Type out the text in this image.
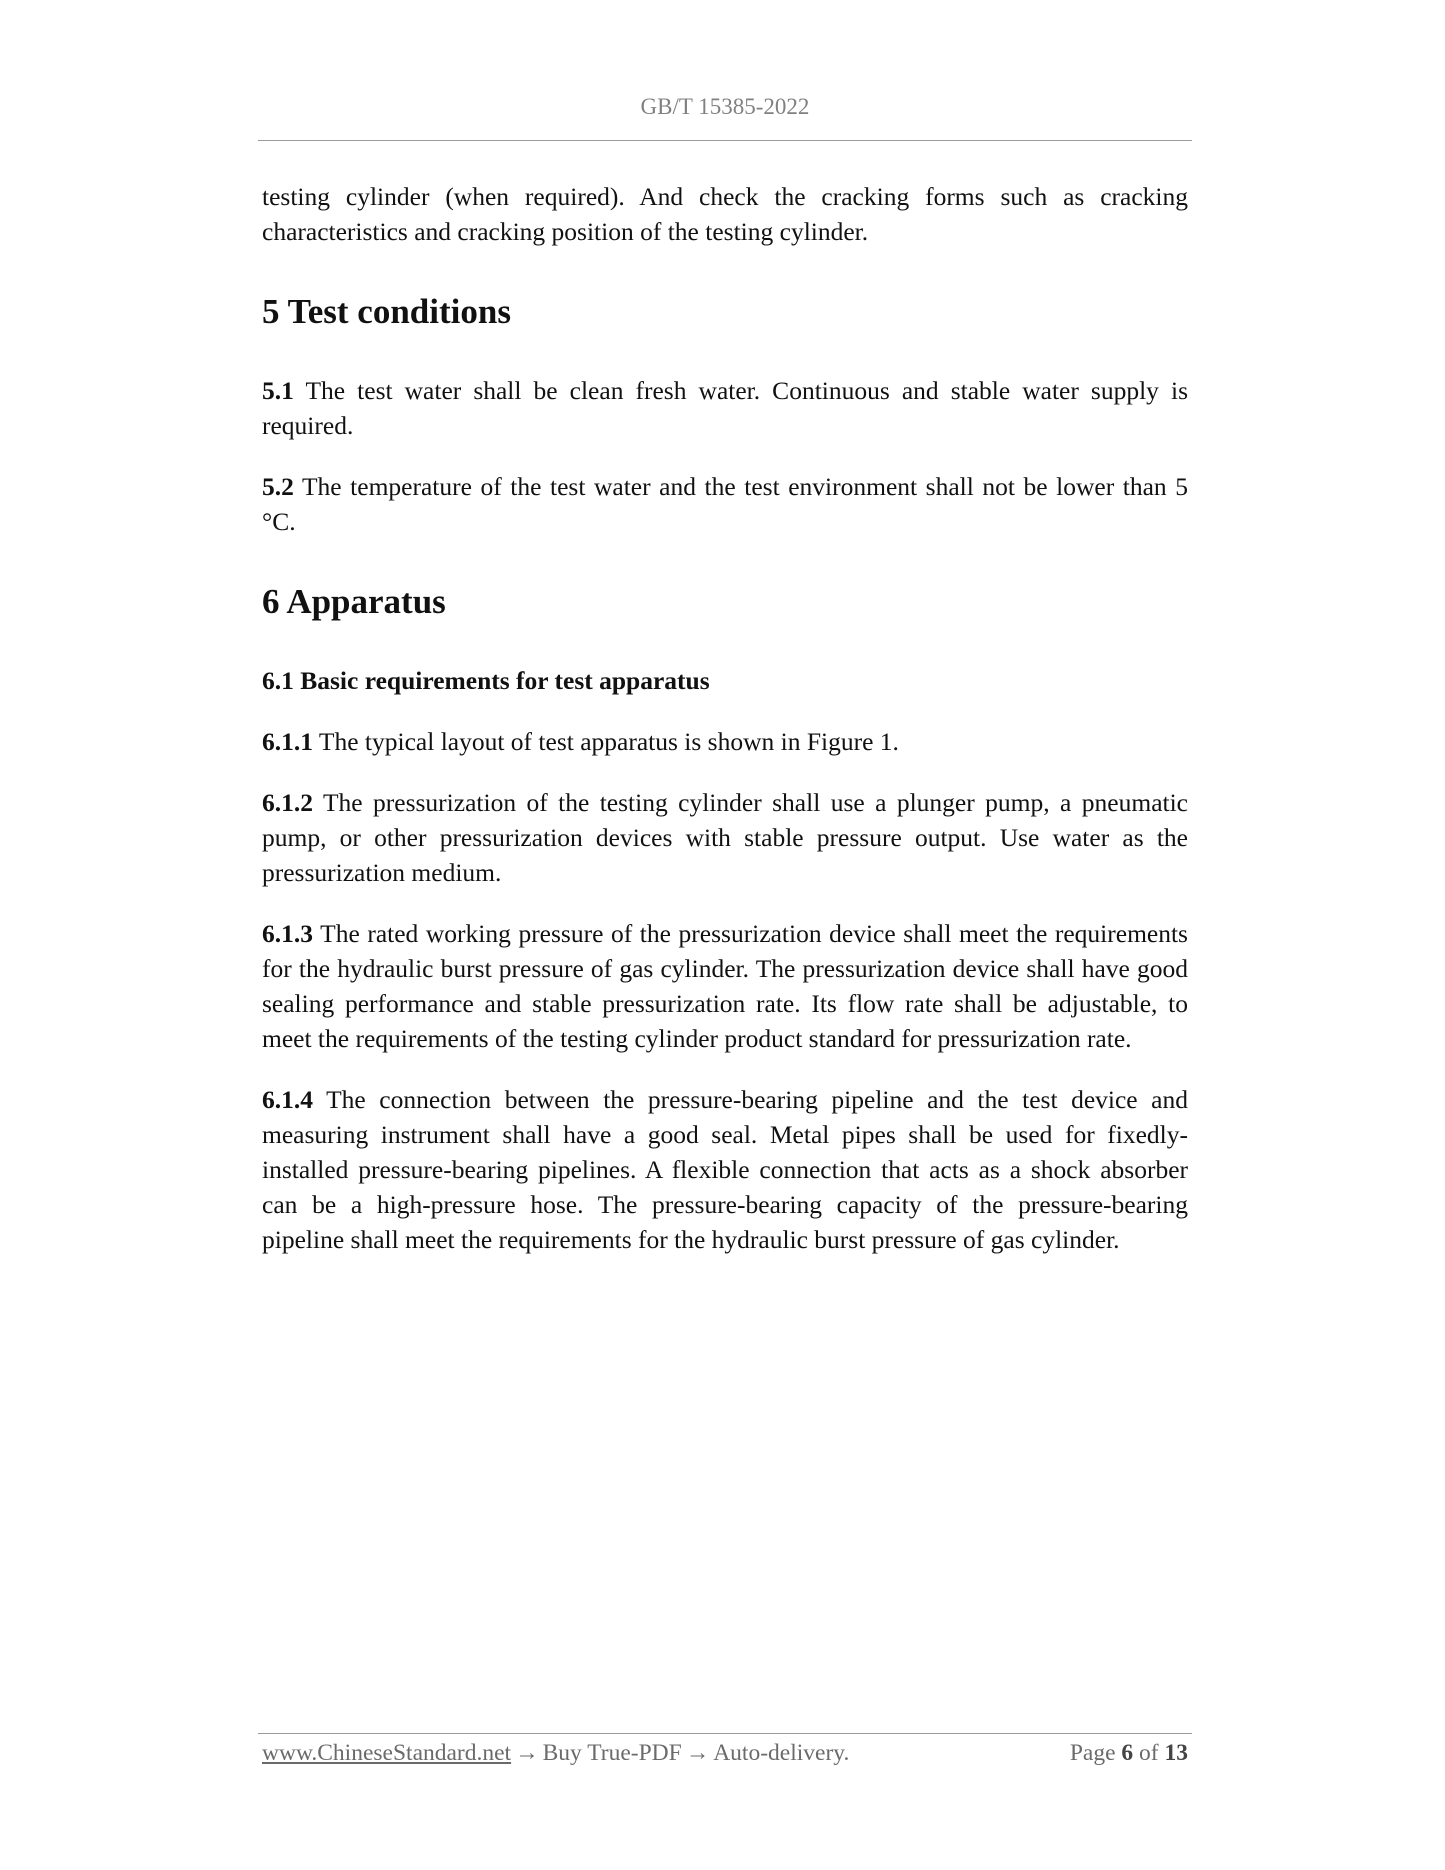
GB/T 15385-2022

testing cylinder (when required). And check the cracking forms such as cracking characteristics and cracking position of the testing cylinder.

5 Test conditions

5.1 The test water shall be clean fresh water. Continuous and stable water supply is required.

5.2 The temperature of the test water and the test environment shall not be lower than 5 °C.

6 Apparatus
6.1 Basic requirements for test apparatus

6.1.1 The typical layout of test apparatus is shown in Figure 1.

6.1.2 The pressurization of the testing cylinder shall use a plunger pump, a pneumatic pump, or other pressurization devices with stable pressure output. Use water as the pressurization medium.

6.1.3 The rated working pressure of the pressurization device shall meet the requirements for the hydraulic burst pressure of gas cylinder. The pressurization device shall have good sealing performance and stable pressurization rate. Its flow rate shall be adjustable, to meet the requirements of the testing cylinder product standard for pressurization rate.

6.1.4 The connection between the pressure-bearing pipeline and the test device and measuring instrument shall have a good seal. Metal pipes shall be used for fixedly-installed pressure-bearing pipelines. A flexible connection that acts as a shock absorber can be a high-pressure hose. The pressure-bearing capacity of the pressure-bearing pipeline shall meet the requirements for the hydraulic burst pressure of gas cylinder.

www.ChineseStandard.net → Buy True-PDF → Auto-delivery.	Page 6 of 13
